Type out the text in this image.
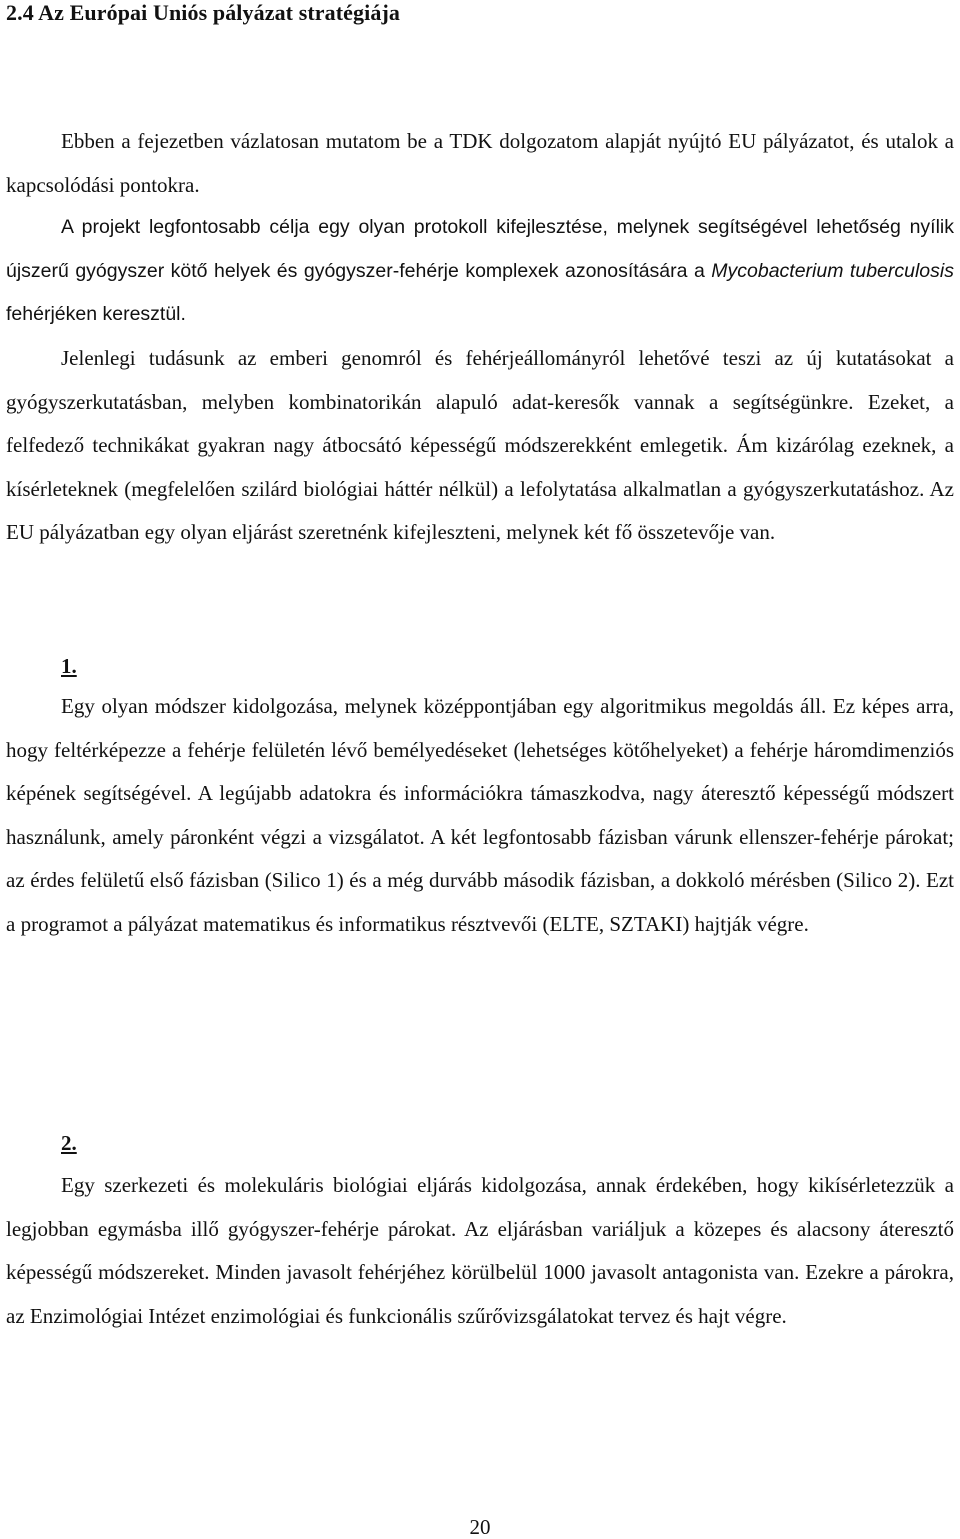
2.4 Az Európai Uniós pályázat stratégiája
Ebben a fejezetben vázlatosan mutatom be a TDK dolgozatom alapját nyújtó EU pályázatot, és utalok a kapcsolódási pontokra.
A projekt legfontosabb célja egy olyan protokoll kifejlesztése, melynek segítségével lehetőség nyílik újszerű gyógyszer kötő helyek és gyógyszer-fehérje komplexek azonosítására a Mycobacterium tuberculosis fehérjéken keresztül.
Jelenlegi tudásunk az emberi genomról és fehérjeállományról lehetővé teszi az új kutatásokat a gyógyszerkutatásban, melyben kombinatorikán alapuló adat-keresők vannak a segítségünkre. Ezeket, a felfedező technikákat gyakran nagy átbocsátó képességű módszerekként emlegetik. Ám kizárólag ezeknek, a kísérleteknek (megfelelően szilárd biológiai háttér nélkül) a lefolytatása alkalmatlan a gyógyszerkutatáshoz. Az EU pályázatban egy olyan eljárást szeretnénk kifejleszteni, melynek két fő összetevője van.
1.
Egy olyan módszer kidolgozása, melynek középpontjában egy algoritmikus megoldás áll. Ez képes arra, hogy feltérképezze a fehérje felületén lévő bemélyedéseket (lehetséges kötőhelyeket) a fehérje háromdimenziós képének segítségével. A legújabb adatokra és információkra támaszkodva, nagy áteresztő képességű módszert használunk, amely páronként végzi a vizsgálatot. A két legfontosabb fázisban várunk ellenszer-fehérje párokat; az érdes felületű első fázisban (Silico 1) és a még durvább második fázisban, a dokkoló mérésben (Silico 2). Ezt a programot a pályázat matematikus és informatikus résztvevői (ELTE, SZTAKI) hajtják végre.
2.
Egy szerkezeti és molekuláris biológiai eljárás kidolgozása, annak érdekében, hogy kikísérletezzük a legjobban egymásba illő gyógyszer-fehérje párokat. Az eljárásban variáljuk a közepes és alacsony áteresztő képességű módszereket. Minden javasolt fehérjéhez körülbelül 1000 javasolt antagonista van. Ezekre a párokra, az Enzimológiai Intézet enzimológiai és funkcionális szűrővizsgálatokat tervez és hajt végre.
20
